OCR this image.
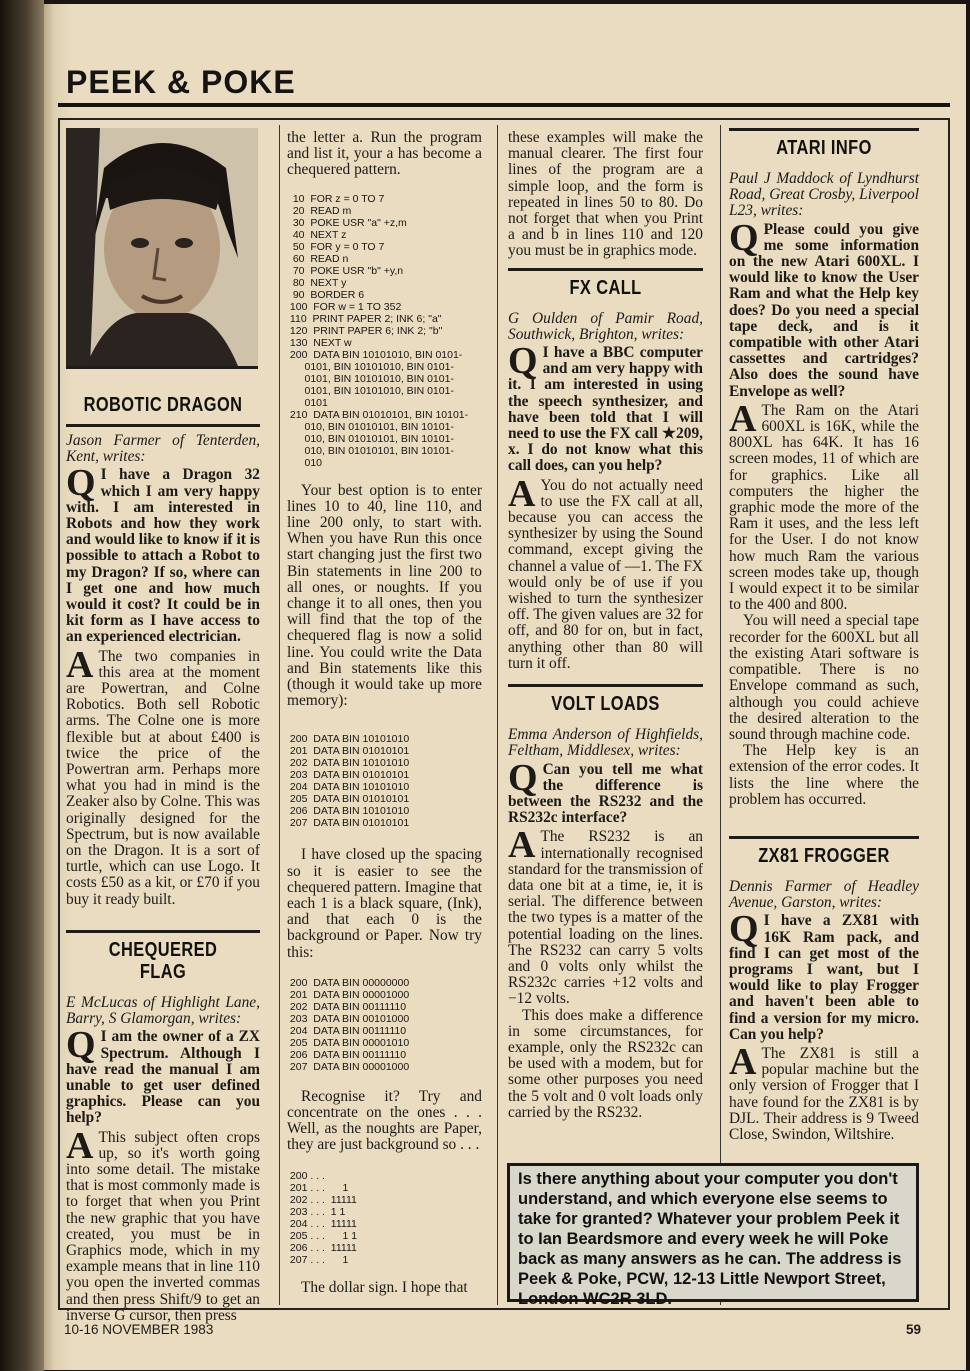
PEEK & POKE

ROBOTIC DRAGON

Jason Farmer of Tenterden, Kent, writes:

Q I have a Dragon 32 which I am very happy with. I am interested in Robots and how they work and would like to know if it is possible to attach a Robot to my Dragon? If so, where can I get one and how much would it cost? It could be in kit form as I have access to an experienced electrician.

A The two companies in this area at the moment are Powertran, and Colne Robotics. Both sell Robotic arms. The Colne one is more flexible but at about £400 is twice the price of the Powertran arm. Perhaps more what you had in mind is the Zeaker also by Colne. This was originally designed for the Spectrum, but is now available on the Dragon. It is a sort of turtle, which can use Logo. It costs £50 as a kit, or £70 if you buy it ready built.

CHEQUERED FLAG

E McLucas of Highlight Lane, Barry, S Glamorgan, writes:

Q I am the owner of a ZX Spectrum. Although I have read the manual I am unable to get user defined graphics. Please can you help?

A This subject often crops up, so it's worth going into some detail. The mistake that is most commonly made is to forget that when you Print the new graphic that you have created, you must be in Graphics mode, which in my example means that in line 110 you open the inverted commas and then press Shift/9 to get an inverse G cursor, then press

the letter a. Run the program and list it, your a has become a chequered pattern.

10  FOR z = 0 TO 7
20  READ m
30  POKE USR "a" +z,m
40  NEXT z
50  FOR y = 0 TO 7
60  READ n
70  POKE USR "b" +y,n
80  NEXT y
90  BORDER 6
100  FOR w = 1 TO 352
110  PRINT PAPER 2; INK 6; "a"
120  PRINT PAPER 6; INK 2; "b"
130  NEXT w
200  DATA BIN 10101010, BIN 0101-
0101, BIN 10101010, BIN 0101-
0101, BIN 10101010, BIN 0101-
0101, BIN 10101010, BIN 0101-
0101
210  DATA BIN 01010101, BIN 10101-
010, BIN 01010101, BIN 10101-
010, BIN 01010101, BIN 10101-
010, BIN 01010101, BIN 10101-
010

Your best option is to enter lines 10 to 40, line 110, and line 200 only, to start with. When you have Run this once start changing just the first two Bin statements in line 200 to all ones, or noughts. If you change it to all ones, then you will find that the top of the chequered flag is now a solid line. You could write the Data and Bin statements like this (though it would take up more memory):

200  DATA BIN 10101010
201  DATA BIN 01010101
202  DATA BIN 10101010
203  DATA BIN 01010101
204  DATA BIN 10101010
205  DATA BIN 01010101
206  DATA BIN 10101010
207  DATA BIN 01010101

I have closed up the spacing so it is easier to see the chequered pattern. Imagine that each 1 is a black square, (Ink), and that each 0 is the background or Paper. Now try this:

200  DATA BIN 00000000
201  DATA BIN 00001000
202  DATA BIN 00111110
203  DATA BIN 00101000
204  DATA BIN 00111110
205  DATA BIN 00001010
206  DATA BIN 00111110
207  DATA BIN 00001000

Recognise it? Try and concentrate on the ones . . . Well, as the noughts are Paper, they are just background so . . .

200 . . .
201 . . .      1
202 . . .  11111
203 . . .  1 1
204 . . .  11111
205 . . .      1 1
206 . . .  11111
207 . . .      1

The dollar sign. I hope that

these examples will make the manual clearer. The first four lines of the program are a simple loop, and the form is repeated in lines 50 to 80. Do not forget that when you Print a and b in lines 110 and 120 you must be in graphics mode.

FX CALL

G Oulden of Pamir Road, Southwick, Brighton, writes:

Q I have a BBC computer and am very happy with it. I am interested in using the speech synthesizer, and have been told that I will need to use the FX call ★209, x. I do not know what this call does, can you help?

A You do not actually need to use the FX call at all, because you can access the synthesizer by using the Sound command, except giving the channel a value of —1. The FX would only be of use if you wished to turn the synthesizer off. The given values are 32 for off, and 80 for on, but in fact, anything other than 80 will turn it off.

VOLT LOADS

Emma Anderson of Highfields, Feltham, Middlesex, writes:

Q Can you tell me what the difference is between the RS232 and the RS232c interface?

A The RS232 is an internationally recognised standard for the transmission of data one bit at a time, ie, it is serial. The difference between the two types is a matter of the potential loading on the lines. The RS232 can carry 5 volts and 0 volts only whilst the RS232c carries +12 volts and −12 volts.

This does make a difference in some circumstances, for example, only the RS232c can be used with a modem, but for some other purposes you need the 5 volt and 0 volt loads only carried by the RS232.

ATARI INFO

Paul J Maddock of Lyndhurst Road, Great Crosby, Liverpool L23, writes:

Q Please could you give me some information on the new Atari 600XL. I would like to know the User Ram and what the Help key does? Do you need a special tape deck, and is it compatible with other Atari cassettes and cartridges? Also does the sound have Envelope as well?

A The Ram on the Atari 600XL is 16K, while the 800XL has 64K. It has 16 screen modes, 11 of which are for graphics. Like all computers the higher the graphic mode the more of the Ram it uses, and the less left for the User. I do not know how much Ram the various screen modes take up, though I would expect it to be similar to the 400 and 800.

You will need a special tape recorder for the 600XL but all the existing Atari software is compatible. There is no Envelope command as such, although you could achieve the desired alteration to the sound through machine code.

The Help key is an extension of the error codes. It lists the line where the problem has occurred.

ZX81 FROGGER

Dennis Farmer of Headley Avenue, Garston, writes:

Q I have a ZX81 with 16K Ram pack, and find I can get most of the programs I want, but I would like to play Frogger and haven't been able to find a version for my micro. Can you help?

A The ZX81 is still a popular machine but the only version of Frogger that I have found for the ZX81 is by DJL. Their address is 9 Tweed Close, Swindon, Wiltshire.

Is there anything about your computer you don't understand, and which everyone else seems to take for granted? Whatever your problem Peek it to Ian Beardsmore and every week he will Poke back as many answers as he can. The address is Peek & Poke, PCW, 12-13 Little Newport Street, London WC2R 3LD.
10-16 NOVEMBER 1983	59
